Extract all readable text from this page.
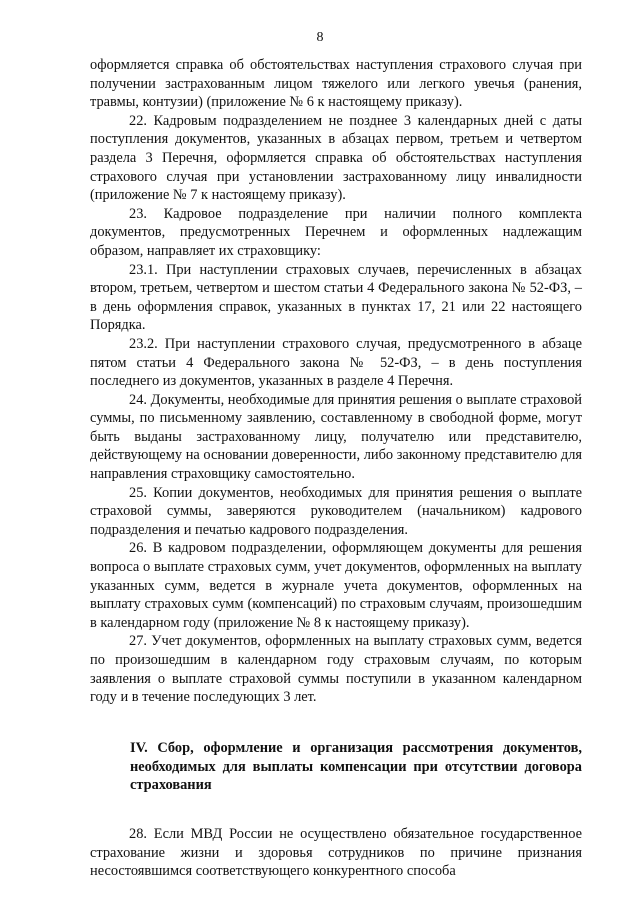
8

оформляется справка об обстоятельствах наступления страхового случая при получении застрахованным лицом тяжелого или легкого увечья (ранения, травмы, контузии) (приложение № 6 к настоящему приказу).

22. Кадровым подразделением не позднее 3 календарных дней с даты поступления документов, указанных в абзацах первом, третьем и четвертом раздела 3 Перечня, оформляется справка об обстоятельствах наступления страхового случая при установлении застрахованному лицу инвалидности (приложение № 7 к настоящему приказу).

23. Кадровое подразделение при наличии полного комплекта документов, предусмотренных Перечнем и оформленных надлежащим образом, направляет их страховщику:

23.1. При наступлении страховых случаев, перечисленных в абзацах втором, третьем, четвертом и шестом статьи 4 Федерального закона № 52-ФЗ, – в день оформления справок, указанных в пунктах 17, 21 или 22 настоящего Порядка.

23.2. При наступлении страхового случая, предусмотренного в абзаце пятом статьи 4 Федерального закона № 52-ФЗ, – в день поступления последнего из документов, указанных в разделе 4 Перечня.

24. Документы, необходимые для принятия решения о выплате страховой суммы, по письменному заявлению, составленному в свободной форме, могут быть выданы застрахованному лицу, получателю или представителю, действующему на основании доверенности, либо законному представителю для направления страховщику самостоятельно.

25. Копии документов, необходимых для принятия решения о выплате страховой суммы, заверяются руководителем (начальником) кадрового подразделения и печатью кадрового подразделения.

26. В кадровом подразделении, оформляющем документы для решения вопроса о выплате страховых сумм, учет документов, оформленных на выплату указанных сумм, ведется в журнале учета документов, оформленных на выплату страховых сумм (компенсаций) по страховым случаям, произошедшим в календарном году (приложение № 8 к настоящему приказу).

27. Учет документов, оформленных на выплату страховых сумм, ведется по произошедшим в календарном году страховым случаям, по которым заявления о выплате страховой суммы поступили в указанном календарном году и в течение последующих 3 лет.

IV. Сбор, оформление и организация рассмотрения документов, необходимых для выплаты компенсации при отсутствии договора страхования

28. Если МВД России не осуществлено обязательное государственное страхование жизни и здоровья сотрудников по причине признания несостоявшимся соответствующего конкурентного способа
